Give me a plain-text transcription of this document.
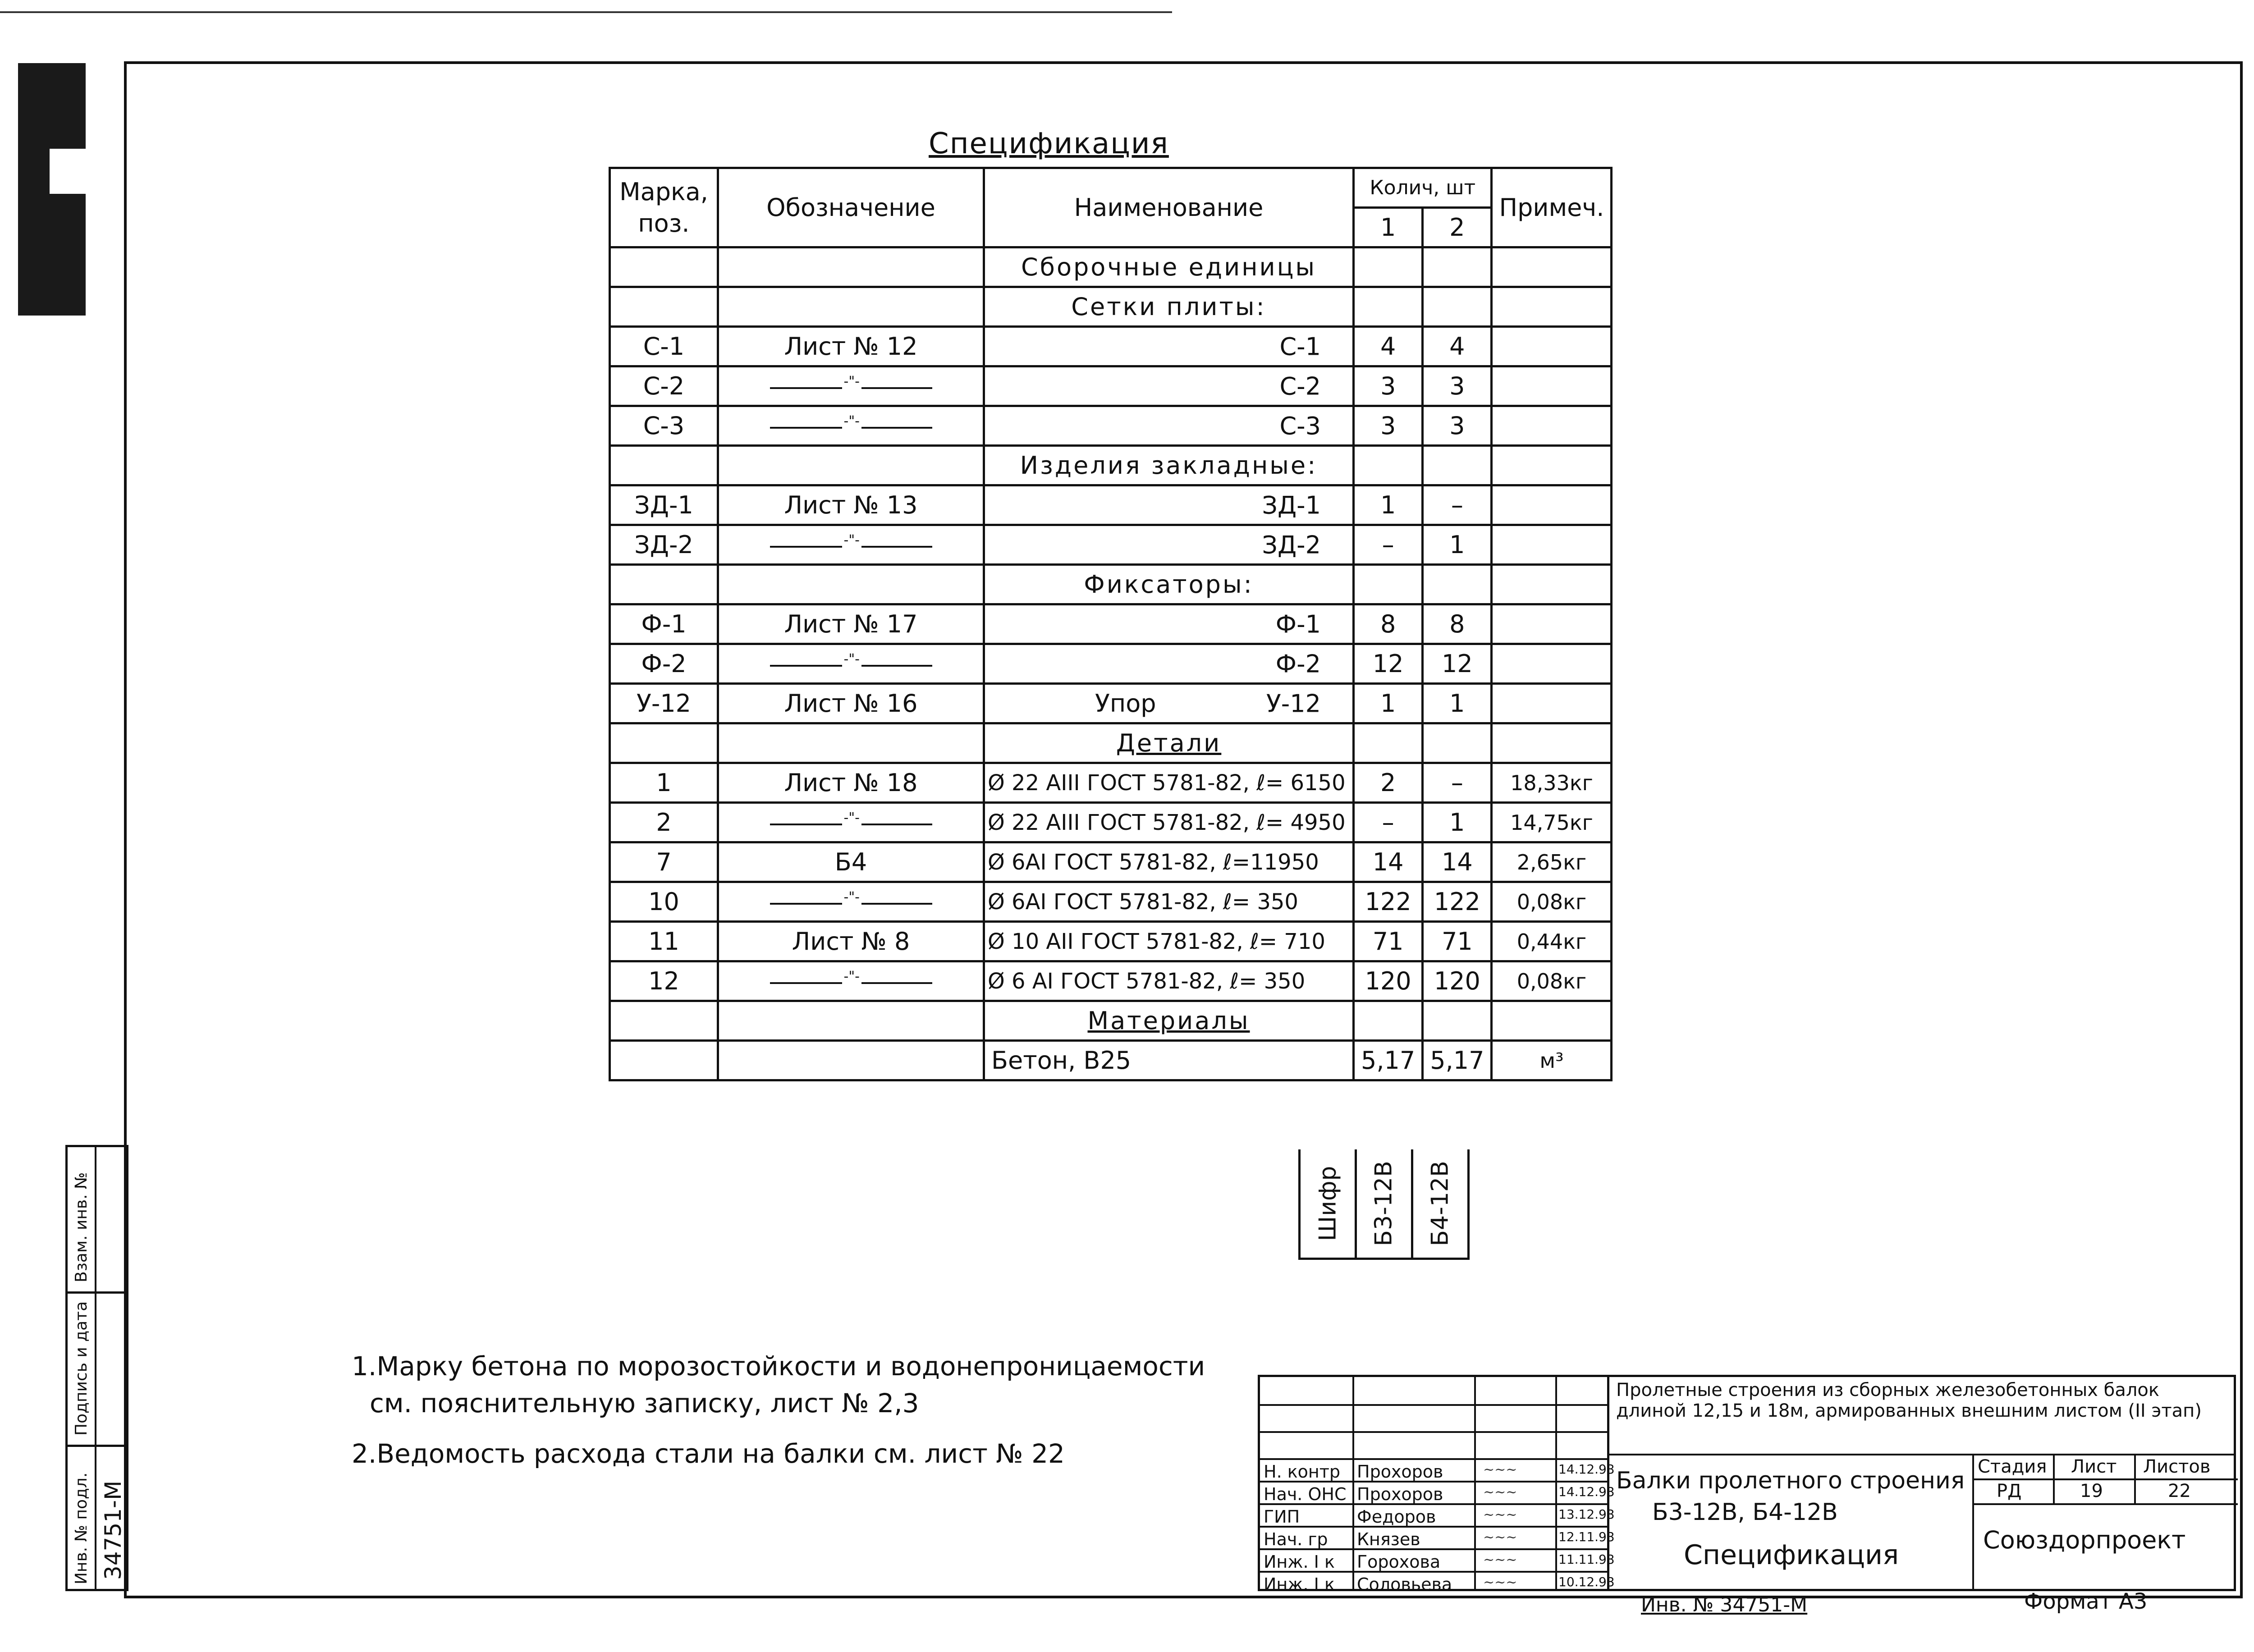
Спецификация
Марка, поз.	Обозначение	Наименование	Колич, шт		Примеч.
			1	2	
		Сборочные единицы

		Сетки плиты:

С-1	Лист № 12	С-1	4	4	
С-2	-"-	С-2	3	3	
С-3	-"-	С-3	3	3	
		Изделия закладные:

ЗД-1	Лист № 13	ЗД-1	1	–	
ЗД-2	-"-	ЗД-2	–	1	
		Фиксаторы:

Ф-1	Лист № 17	Ф-1	8	8	
Ф-2	-"-	Ф-2	12	12	
У-12	Лист № 16	Упор У-12	1	1	
		Детали

1	Лист № 18	Ø 22 AIII ГОСТ 5781-82, ℓ= 6150	2	–	18,33кг
2	-"-	Ø 22 AIII ГОСТ 5781-82, ℓ= 4950	–	1	14,75кг
7	Б4	Ø 6AI ГОСТ 5781-82, ℓ=11950	14	14	2,65кг
10	-"-	Ø 6AI ГОСТ 5781-82, ℓ= 350	122	122	0,08кг
11	Лист № 8	Ø 10 AII ГОСТ 5781-82, ℓ= 710	71	71	0,44кг
12	-"-	Ø 6 AI ГОСТ 5781-82, ℓ= 350	120	120	0,08кг
		Материалы

		Бетон, В25	5,17	5,17	м³
Шифр Б3-12В Б4-12В
1.Марку бетона по морозостойкости и водонепроницаемости
см. пояснительную записку, лист № 2,3
2.Ведомость расхода стали на балки см. лист № 22
Взам. инв. №
Подпись и дата
Инв. № подл. 34751-М
Н. контр Прохоров	~~~	14.12.93
Нач. ОНС Прохоров	~~~	14.12.93
ГИП	Федоров	~~~	13.12.93
Нач. гр Князев	~~~	12.11.93
Инж. I к Горохова	~~~	11.11.93
Инж. I к Соловьева ~~~	10.12.93
Пролетные строения из сборных железобетонных балок длиной 12,15 и 18м, армированных внешним листом (II этап)
Балки пролетного строения
Б3-12В, Б4-12В
Спецификация
Стадия Лист Листов
РД	19	22
Союздорпроект
Инв. № 34751-М	Формат А3
